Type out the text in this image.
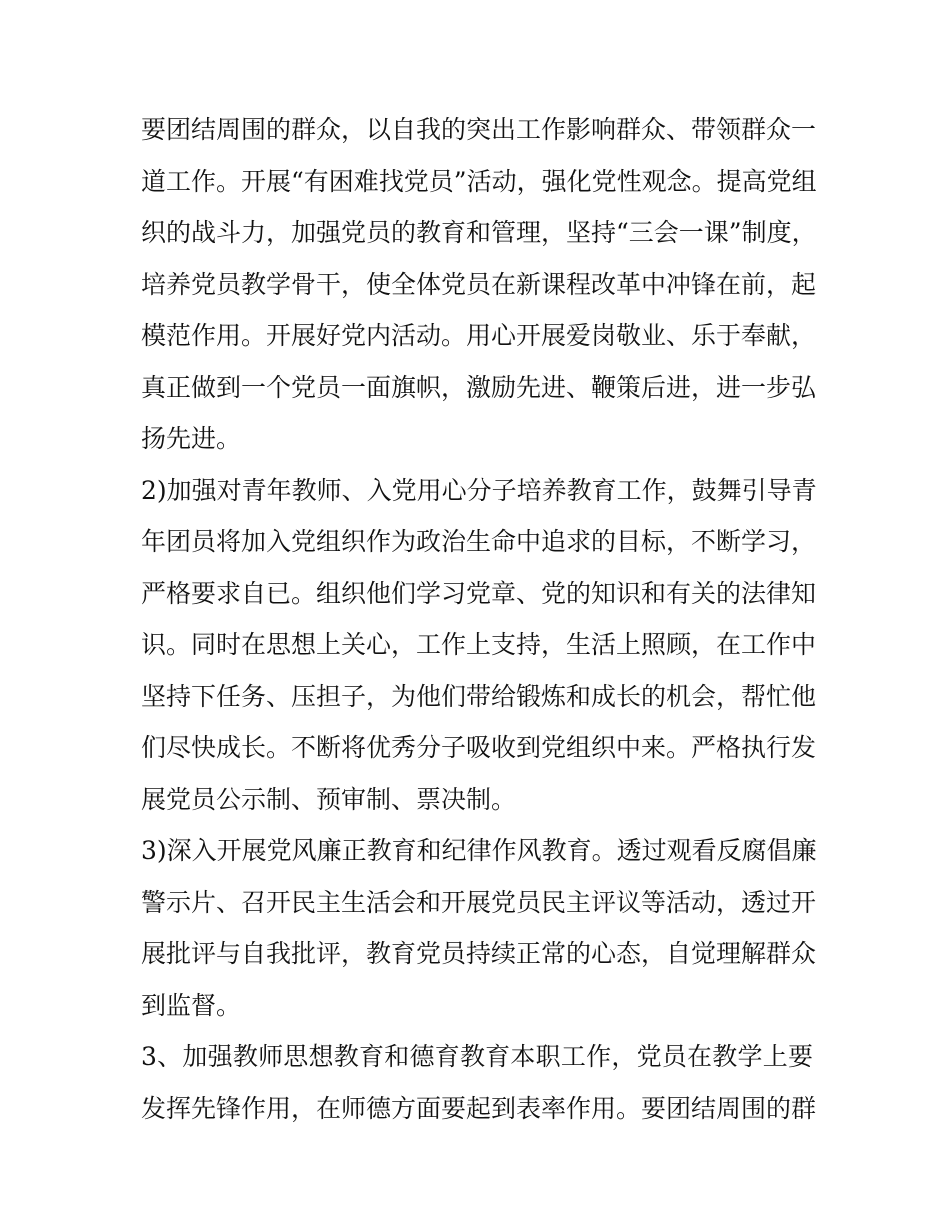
要团结周围的群众，以自我的突出工作影响群众、带领群众一
道工作。开展“有困难找党员”活动，强化党性观念。提高党组
织的战斗力，加强党员的教育和管理，坚持“三会一课”制度，
培养党员教学骨干，使全体党员在新课程改革中冲锋在前，起
模范作用。开展好党内活动。用心开展爱岗敬业、乐于奉献，
真正做到一个党员一面旗帜，激励先进、鞭策后进，进一步弘
扬先进。
2)加强对青年教师、入党用心分子培养教育工作，鼓舞引导青
年团员将加入党组织作为政治生命中追求的目标，不断学习，
严格要求自已。组织他们学习党章、党的知识和有关的法律知
识。同时在思想上关心，工作上支持，生活上照顾，在工作中
坚持下任务、压担子，为他们带给锻炼和成长的机会，帮忙他
们尽快成长。不断将优秀分子吸收到党组织中来。严格执行发
展党员公示制、预审制、票决制。
3)深入开展党风廉正教育和纪律作风教育。透过观看反腐倡廉
警示片、召开民主生活会和开展党员民主评议等活动，透过开
展批评与自我批评，教育党员持续正常的心态，自觉理解群众
到监督。
3、加强教师思想教育和德育教育本职工作，党员在教学上要
发挥先锋作用，在师德方面要起到表率作用。要团结周围的群
